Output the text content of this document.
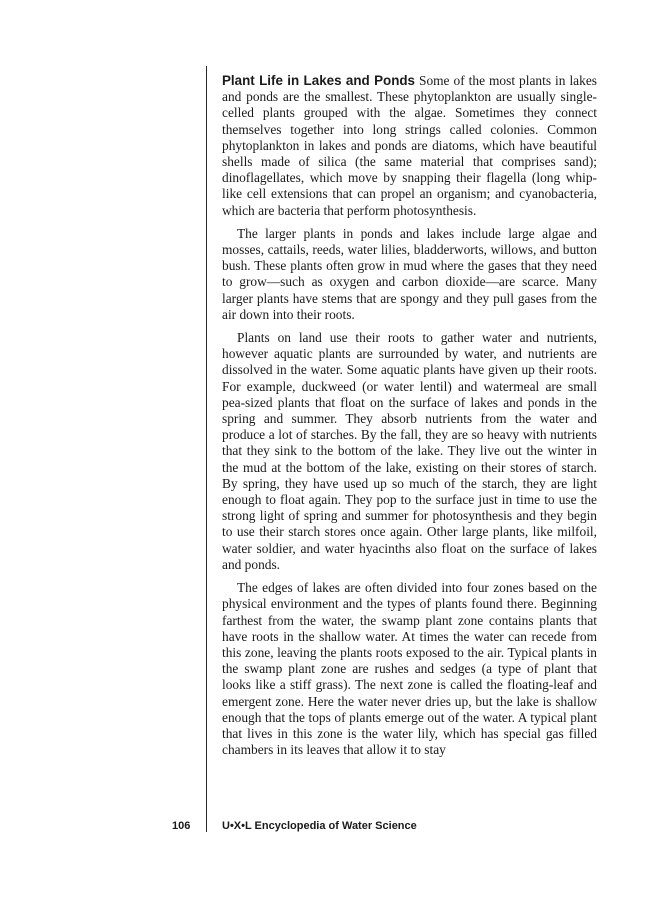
Plant Life in Lakes and Ponds Some of the most plants in lakes and ponds are the smallest. These phytoplankton are usually single-celled plants grouped with the algae. Sometimes they connect themselves together into long strings called colonies. Common phytoplankton in lakes and ponds are diatoms, which have beautiful shells made of silica (the same material that comprises sand); dinoflagellates, which move by snapping their flagella (long whip-like cell extensions that can propel an organism; and cyanobacteria, which are bacteria that perform photosynthesis.

The larger plants in ponds and lakes include large algae and mosses, cattails, reeds, water lilies, bladderworts, willows, and button bush. These plants often grow in mud where the gases that they need to grow—such as oxygen and carbon dioxide—are scarce. Many larger plants have stems that are spongy and they pull gases from the air down into their roots.

Plants on land use their roots to gather water and nutrients, however aquatic plants are surrounded by water, and nutrients are dissolved in the water. Some aquatic plants have given up their roots. For example, duckweed (or water lentil) and watermeal are small pea-sized plants that float on the surface of lakes and ponds in the spring and summer. They absorb nutrients from the water and produce a lot of starches. By the fall, they are so heavy with nutrients that they sink to the bottom of the lake. They live out the winter in the mud at the bottom of the lake, existing on their stores of starch. By spring, they have used up so much of the starch, they are light enough to float again. They pop to the surface just in time to use the strong light of spring and summer for photosynthesis and they begin to use their starch stores once again. Other large plants, like milfoil, water soldier, and water hyacinths also float on the surface of lakes and ponds.

The edges of lakes are often divided into four zones based on the physical environment and the types of plants found there. Beginning farthest from the water, the swamp plant zone contains plants that have roots in the shallow water. At times the water can recede from this zone, leaving the plants roots exposed to the air. Typical plants in the swamp plant zone are rushes and sedges (a type of plant that looks like a stiff grass). The next zone is called the floating-leaf and emergent zone. Here the water never dries up, but the lake is shallow enough that the tops of plants emerge out of the water. A typical plant that lives in this zone is the water lily, which has special gas filled chambers in its leaves that allow it to stay

106	U•X•L Encyclopedia of Water Science
